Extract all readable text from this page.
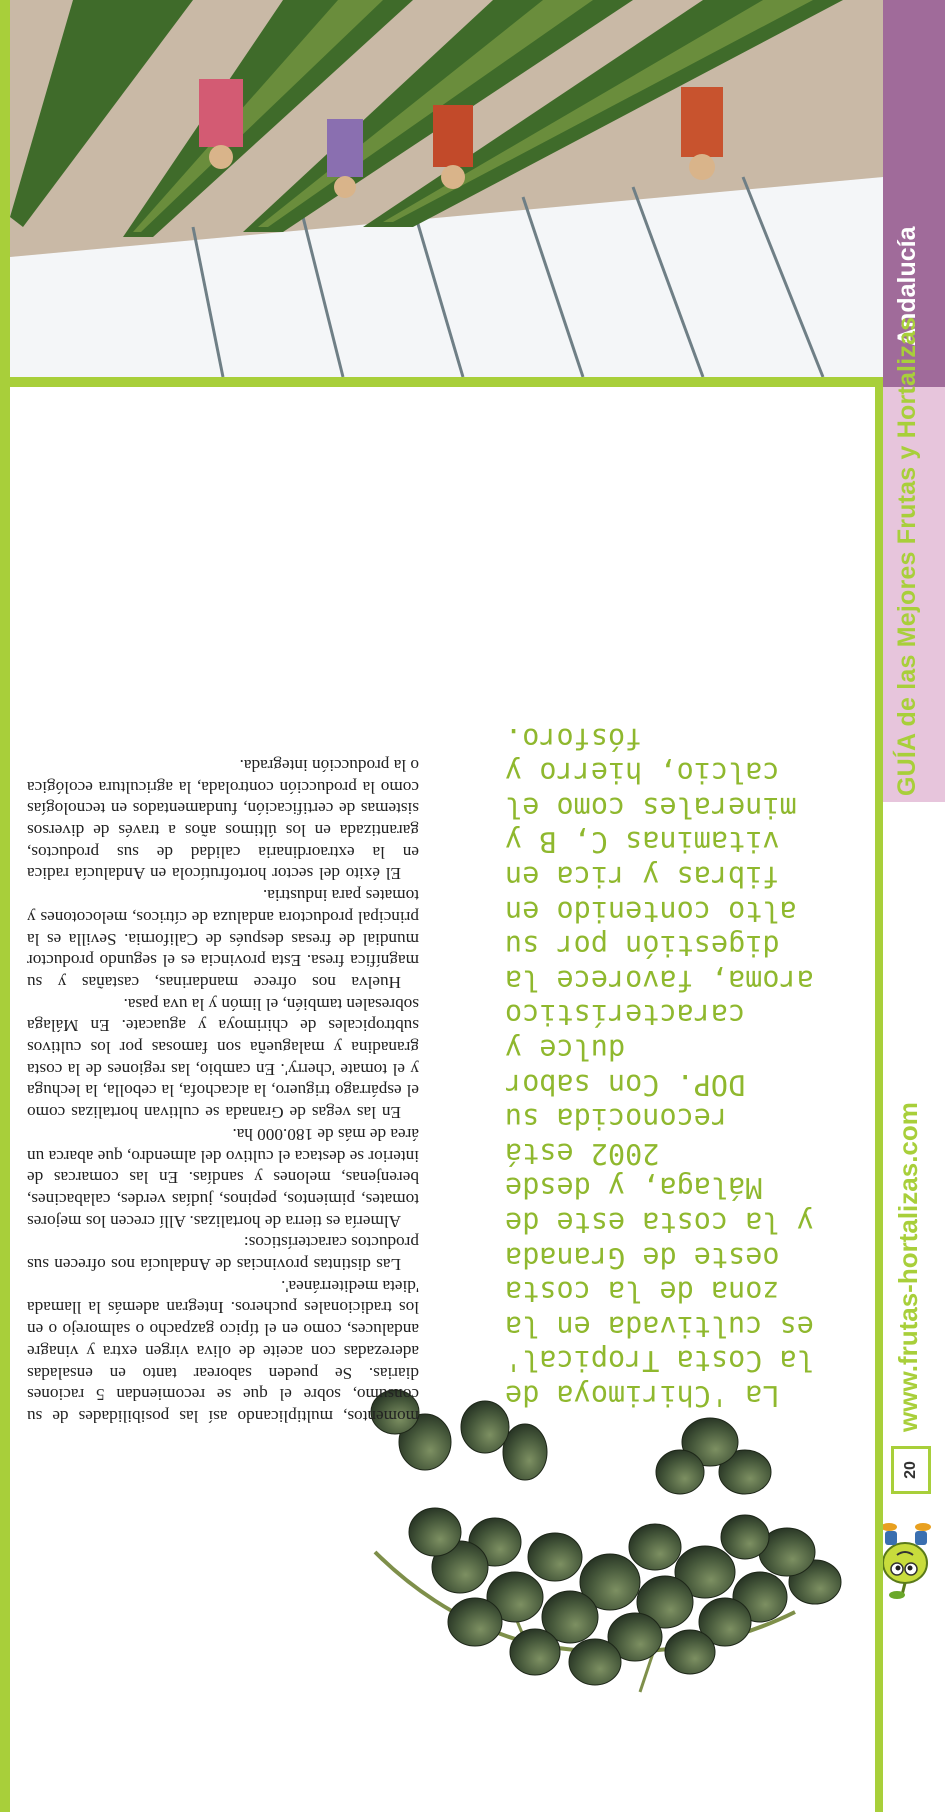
Andalucía
GUÍA de las Mejores Frutas y Hortalizas
www.frutas-hortalizas.com
20
La 'Chirimoya de
la Costa Tropical'
es cultivada en la
zona de la costa
oeste de Granada
y la costa este de
Málaga, y desde
2002 está
reconocida su
DOP. Con sabor
dulce y
característico
aroma, favorece la
digestión por su
alto contenido en
fibras y rica en
vitaminas C, B y
minerales como el
calcio, hierro y
fósforo.

momentos, multiplicando así las posibilidades de su consumo, sobre el que se recomiendan 5 raciones diarias. Se pueden saborear tanto en ensaladas aderezadas con aceite de oliva virgen extra y vinagre andaluces, como en el típico gazpacho o salmorejo o en los tradicionales pucheros. Integran además la llamada 'dieta mediterránea'.

Las distintas provincias de Andalucía nos ofrecen sus productos característicos:

Almería es tierra de hortalizas. Allí crecen los mejores tomates, pimientos, pepinos, judías verdes, calabacines, berenjenas, melones y sandías. En las comarcas de interior se destaca el cultivo del almendro, que abarca un área de más de 180.000 ha.

En las vegas de Granada se cultivan hortalizas como el espárrago triguero, la alcachofa, la cebolla, la lechuga y el tomate 'cherry'. En cambio, las regiones de la costa granadina y malagueña son famosas por los cultivos subtropicales de chirimoya y aguacate. En Málaga sobresalen también, el limón y la uva pasa.

Huelva nos ofrece mandarinas, castañas y su magnífica fresa. Esta provincia es el segundo productor mundial de fresas después de California. Sevilla es la principal productora andaluza de cítricos, melocotones y tomates para industria.

El éxito del sector hortofrutícola en Andalucía radica en la extraordinaria calidad de sus productos, garantizada en los últimos años a través de diversos sistemas de certificación, fundamentados en tecnologías como la producción controlada, la agricultura ecológica o la producción integrada.
